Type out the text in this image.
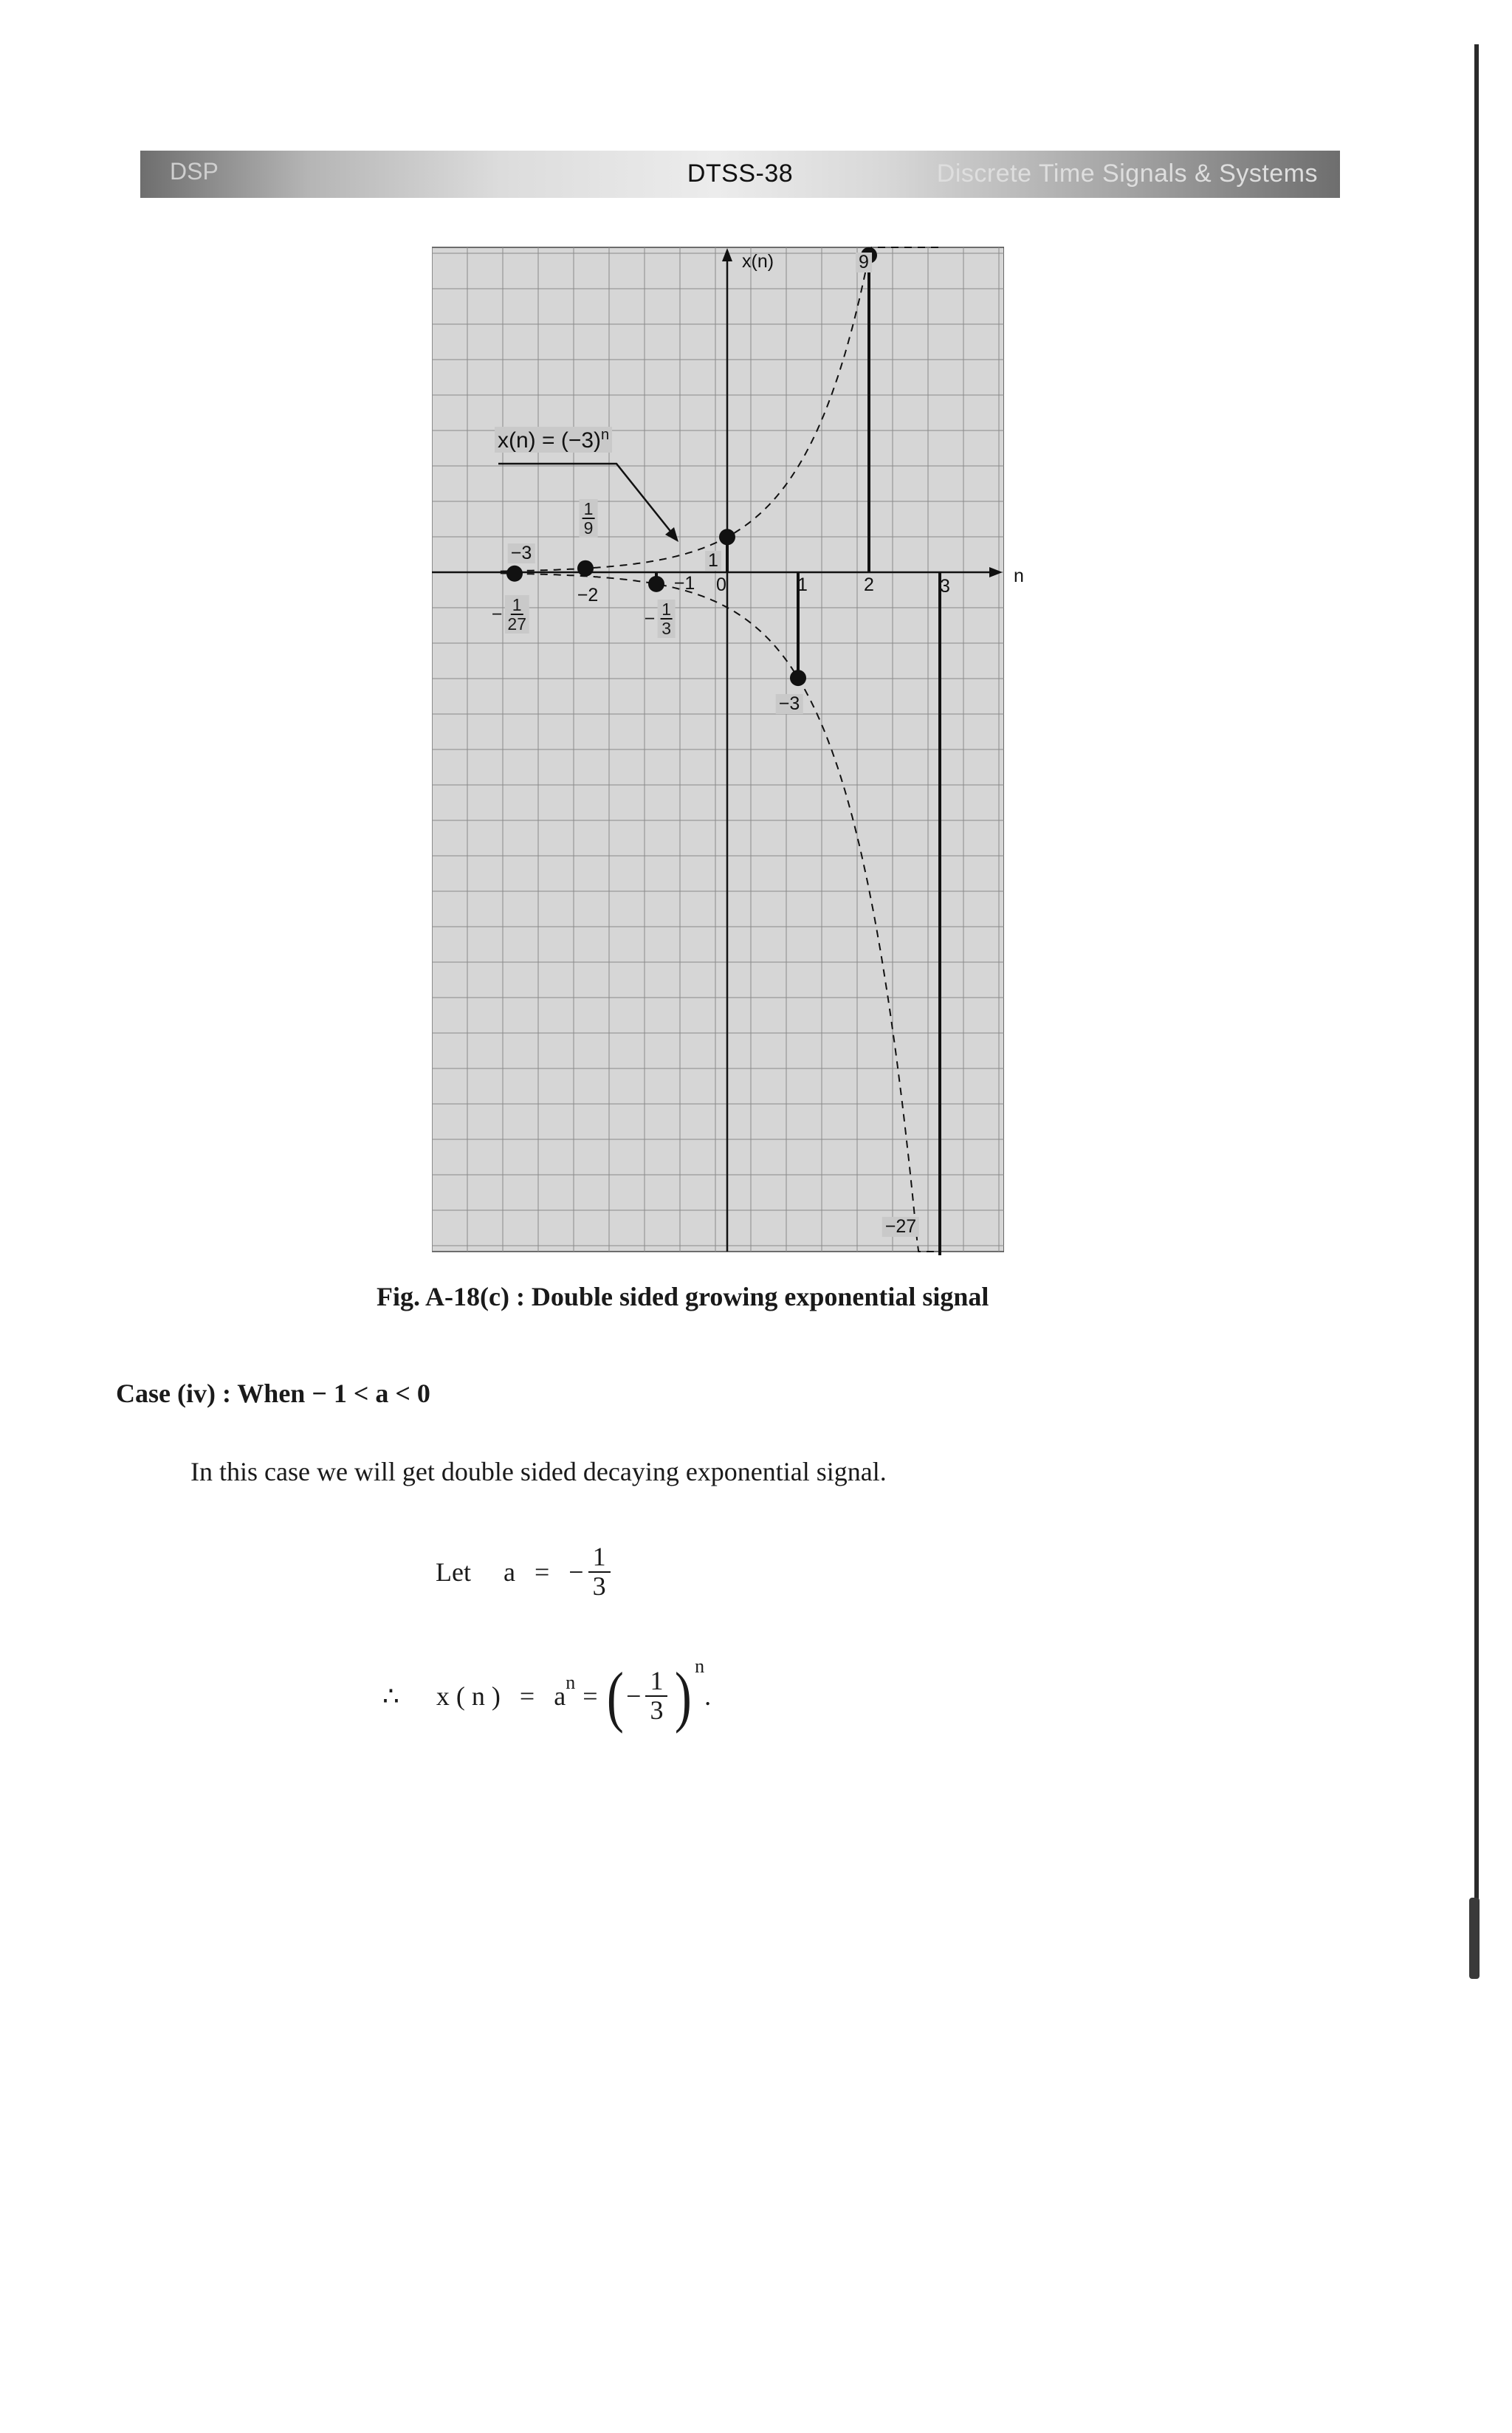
DSP	DTSS-38	Discrete Time Signals & Systems
$x(n) = (-3)^n$
x(n)
n
−3
−2
−1 0	1	2	3
$\frac{1}{9}$
− $\frac{1}{27}$	− $\frac{1}{3}$
1
−3
9
−27
Fig. A-18(c) : Double sided growing exponential signal
Case (iv) : When − 1 < a < 0
In this case we will get double sided decaying exponential signal.
Let a = − $\frac{1}{3}$
∴ x ( n ) = $a^n$ = ( − $\frac{1}{3} )^n$
.
